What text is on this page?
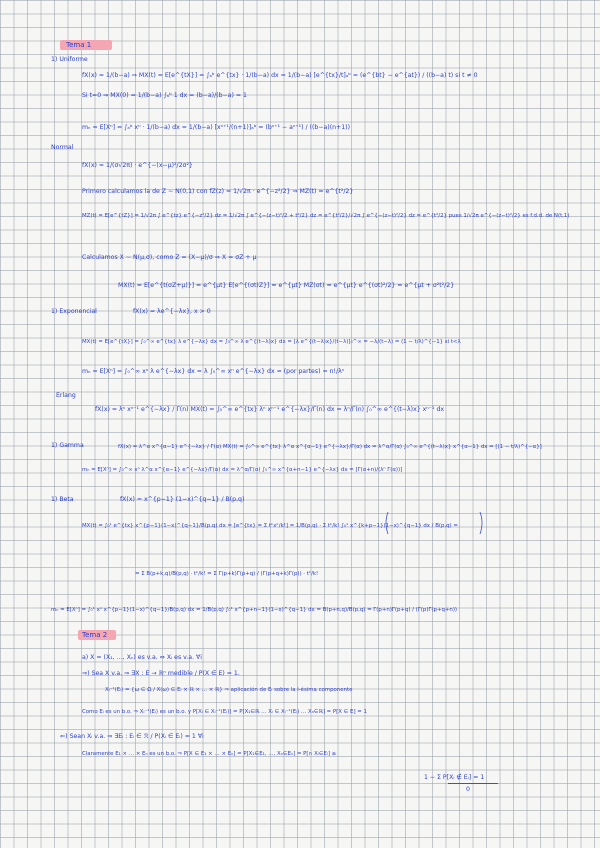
Tema 1
Tema 2
1) Uniforme
fX(x) = 1/(b−a) ⇒ MX(t) = E[e^{tX}] = ∫ₐᵇ e^{tx} · 1/(b−a) dx = 1/(b−a) [e^{tx}/t]ₐᵇ = (e^{bt} − e^{at}) / ((b−a) t) si t ≠ 0
Si t=0 ⇒ MX(0) = 1/(b−a) ∫ₐᵇ 1 dx = (b−a)/(b−a) = 1
mₙ = E[Xⁿ] = ∫ₐᵇ xⁿ · 1/(b−a) dx = 1/(b−a) [xⁿ⁺¹/(n+1)]ₐᵇ = (bⁿ⁺¹ − aⁿ⁺¹) / ((b−a)(n+1))
Normal
fX(x) = 1/(σ√2π) · e^{−(x−μ)²/2σ²}
Primero calculamos la de Z ∼ N(0,1) con fZ(z) = 1/√2π · e^{−z²/2} ⇒ MZ(t) = e^{t²/2}
MZ(t) = E[e^{tZ}] = 1/√2π ∫ e^{tz} e^{−z²/2} dz = 1/√2π ∫ e^{−(z−t)²/2 + t²/2} dz = e^{t²/2}/√2π ∫ e^{−(z−t)²/2} dz = e^{t²/2} pues 1/√2π e^{−(z−t)²/2} es f.d.d. de N(t,1)
Calculamos X ∼ N(μ,σ), como Z = (X−μ)/σ ⇒ X = σZ + μ
MX(t) = E[e^{t(σZ+μ)}] = e^{μt} E[e^{(σt)Z}] = e^{μt} MZ(σt) = e^{μt} e^{(σt)²/2} = e^{μt + σ²t²/2}
1) Exponencial	fX(x) = λe^{−λx}, x > 0
MX(t) = E[e^{tX}] = ∫₀^∞ e^{tx} λ e^{−λx} dx = ∫₀^∞ λ e^{(t−λ)x} dx = [λ e^{(t−λ)x}/(t−λ)]₀^∞ = −λ/(t−λ) = (1 − t/λ)^{−1} si t<λ
mₙ = E[Xⁿ] = ∫₀^∞ xⁿ λ e^{−λx} dx = λ ∫₀^∞ xⁿ e^{−λx} dx = (por partes) = n!/λⁿ
Erlang
fX(x) = λⁿ xⁿ⁻¹ e^{−λx} / Γ(n) MX(t) = ∫₀^∞ e^{tx} λⁿ xⁿ⁻¹ e^{−λx}/Γ(n) dx = λⁿ/Γ(n) ∫₀^∞ e^{(t−λ)x} xⁿ⁻¹ dx
1) Gamma	fX(x) = λ^α x^{α−1} e^{−λx} / Γ(α) MX(t) = ∫₀^∞ e^{tx} λ^α x^{α−1} e^{−λx}/Γ(α) dx = λ^α/Γ(α) ∫₀^∞ e^{(t−λ)x} x^{α−1} dx = [(1 − t/λ)^{−α}]
mₙ = E[Xⁿ] = ∫₀^∞ xⁿ λ^α x^{α−1} e^{−λx}/Γ(α) dx = λ^α/Γ(α) ∫₀^∞ x^{α+n−1} e^{−λx} dx = [Γ(α+n)/(λⁿ Γ(α))]
1) Beta	fX(x) = x^{p−1} (1−x)^{q−1} / B(p,q)
MX(t) = ∫₀¹ e^{tx} x^{p−1}(1−x)^{q−1}/B(p,q) dx = [e^{tx} = Σ tᵏxᵏ/k!] = 1/B(p,q) · Σ tᵏ/k! ∫₀¹ x^{k+p−1}(1−x)^{q−1} dx / B(p,q) =
= Σ B(p+k,q)/B(p,q) · tᵏ/k! = Σ Γ(p+k)Γ(p+q) / (Γ(p+q+k)Γ(p)) · tᵏ/k!
mₙ = E[Xⁿ] = ∫₀¹ xⁿ x^{p−1}(1−x)^{q−1}/B(p,q) dx = 1/B(p,q) ∫₀¹ x^{p+n−1}(1−x)^{q−1} dx = B(p+n,q)/B(p,q) = Γ(p+n)Γ(p+q) / (Γ(p)Γ(p+q+n))
a) X = (X₁, …, Xₙ) es v.a. ⇔ Xᵢ es v.a. ∀i
⇒) Sea X v.a. ⇒ ∃X : E → ℝⁿ medible / P(X ∈ E) = 1.
Xᵢ⁻¹(Eᵢ) = {ω ∈ Ω / X(ω) ∈ Eᵢ × ℝ × … × ℝ} ⇒ aplicación de Eᵢ sobre la i-ésima componente
Como Eᵢ es un b.o. ⇒ Xᵢ⁻¹(Eᵢ) es un b.o. y P[Xᵢ ∈ Xᵢ⁻¹(Eᵢ)] = P[X₁∈ℝ … Xᵢ ∈ Xᵢ⁻¹(Eᵢ) … Xₙ∈ℝ] = P[X ∈ E] = 1
⇐) Sean Xᵢ v.a. ⇒ ∃Eᵢ : Eᵢ ∈ ℛ / P(Xᵢ ∈ Eᵢ) = 1 ∀i
Claramente E₁ × … × Eₙ es un b.o. ⇒ P[X ∈ E₁ × … × Eₙ] = P[X₁∈E₁, …, Xₙ∈Eₙ] = P[∩ Xᵢ∈Eᵢ] ≥
1 − Σ P[Xᵢ ∉ Eᵢ] = 1
0
